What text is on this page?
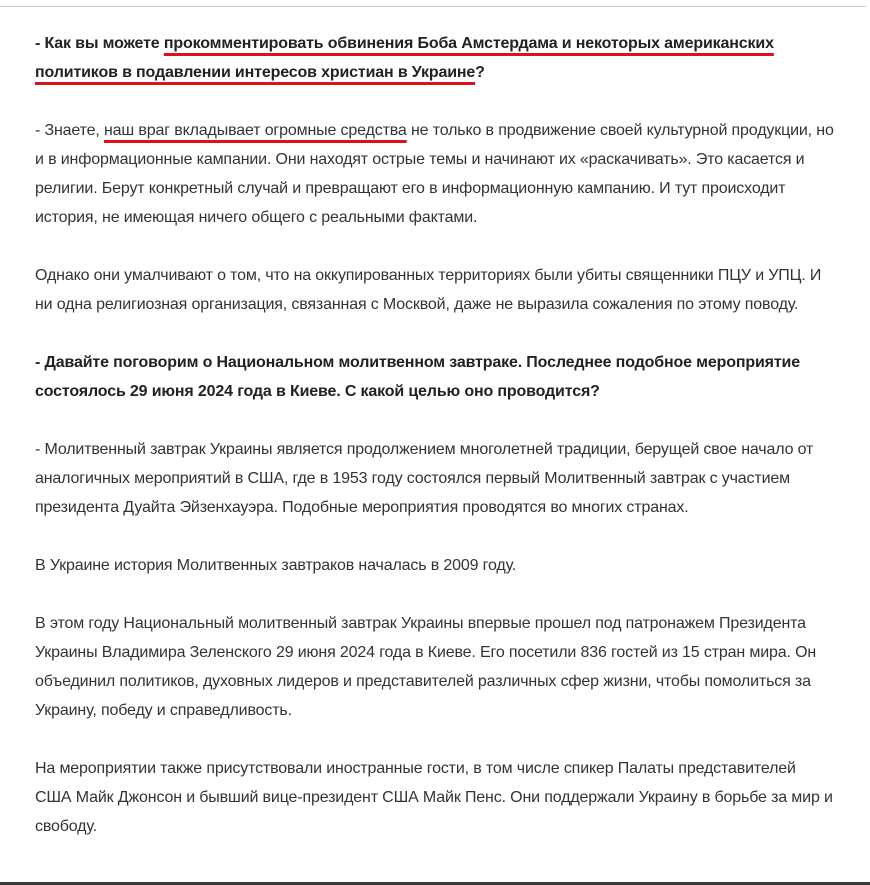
- Как вы можете прокомментировать обвинения Боба Амстердама и некоторых американских политиков в подавлении интересов христиан в Украине?

- Знаете, наш враг вкладывает огромные средства не только в продвижение своей культурной продукции, но и в информационные кампании. Они находят острые темы и начинают их «раскачивать». Это касается и религии. Берут конкретный случай и превращают его в информационную кампанию. И тут происходит история, не имеющая ничего общего с реальными фактами.

Однако они умалчивают о том, что на оккупированных территориях были убиты священники ПЦУ и УПЦ. И ни одна религиозная организация, связанная с Москвой, даже не выразила сожаления по этому поводу.

- Давайте поговорим о Национальном молитвенном завтраке. Последнее подобное мероприятие состоялось 29 июня 2024 года в Киеве. С какой целью оно проводится?

- Молитвенный завтрак Украины является продолжением многолетней традиции, берущей свое начало от аналогичных мероприятий в США, где в 1953 году состоялся первый Молитвенный завтрак с участием президента Дуайта Эйзенхауэра. Подобные мероприятия проводятся во многих странах.

В Украине история Молитвенных завтраков началась в 2009 году.

В этом году Национальный молитвенный завтрак Украины впервые прошел под патронажем Президента Украины Владимира Зеленского 29 июня 2024 года в Киеве. Его посетили 836 гостей из 15 стран мира. Он объединил политиков, духовных лидеров и представителей различных сфер жизни, чтобы помолиться за Украину, победу и справедливость.

На мероприятии также присутствовали иностранные гости, в том числе спикер Палаты представителей США Майк Джонсон и бывший вице-президент США Майк Пенс. Они поддержали Украину в борьбе за мир и свободу.
